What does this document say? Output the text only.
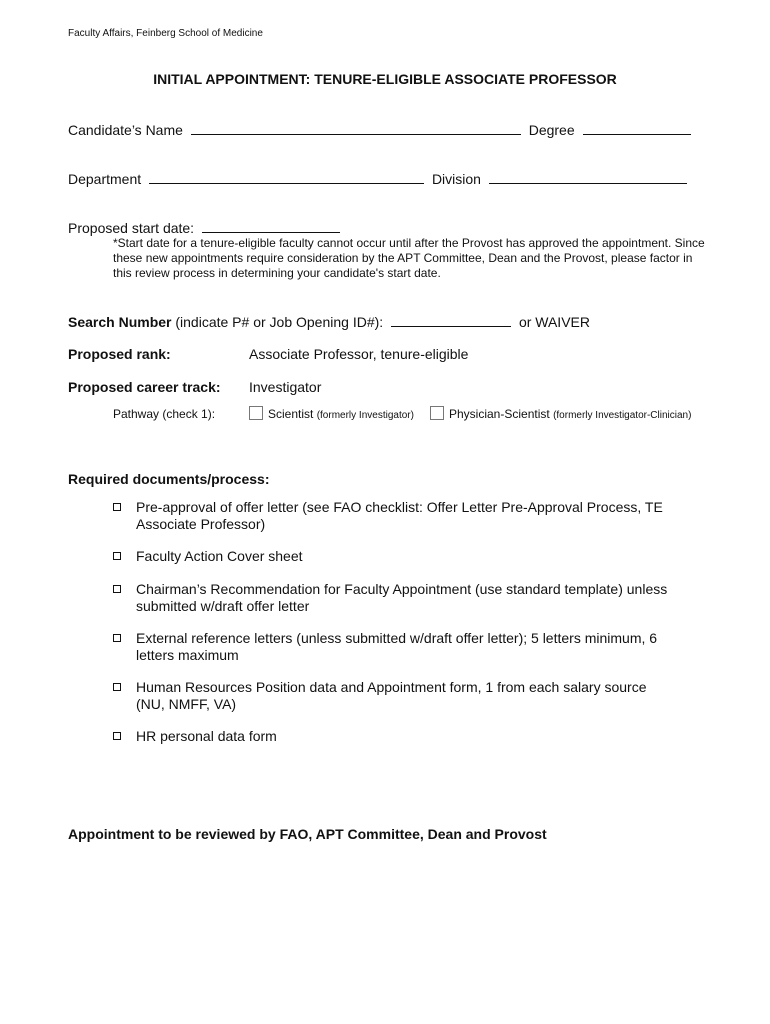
Faculty Affairs, Feinberg School of Medicine
INITIAL APPOINTMENT: TENURE-ELIGIBLE ASSOCIATE PROFESSOR
Candidate’s Name	Degree
Department	Division
Proposed start date:
*Start date for a tenure-eligible faculty cannot occur until after the Provost has approved the appointment. Since these new appointments require consideration by the APT Committee, Dean and the Provost, please factor in this review process in determining your candidate's start date.
Search Number (indicate P# or Job Opening ID#):	or WAIVER
Proposed rank:	Associate Professor, tenure-eligible
Proposed career track: Investigator
Pathway (check 1):	Scientist (formerly Investigator)	Physician-Scientist (formerly Investigator-Clinician)
Required documents/process:
Pre-approval of offer letter (see FAO checklist: Offer Letter Pre-Approval Process, TE Associate Professor)
Faculty Action Cover sheet
Chairman’s Recommendation for Faculty Appointment (use standard template) unless submitted w/draft offer letter
External reference letters (unless submitted w/draft offer letter); 5 letters minimum, 6 letters maximum
Human Resources Position data and Appointment form, 1 from each salary source (NU, NMFF, VA)
HR personal data form
Appointment to be reviewed by FAO, APT Committee, Dean and Provost
